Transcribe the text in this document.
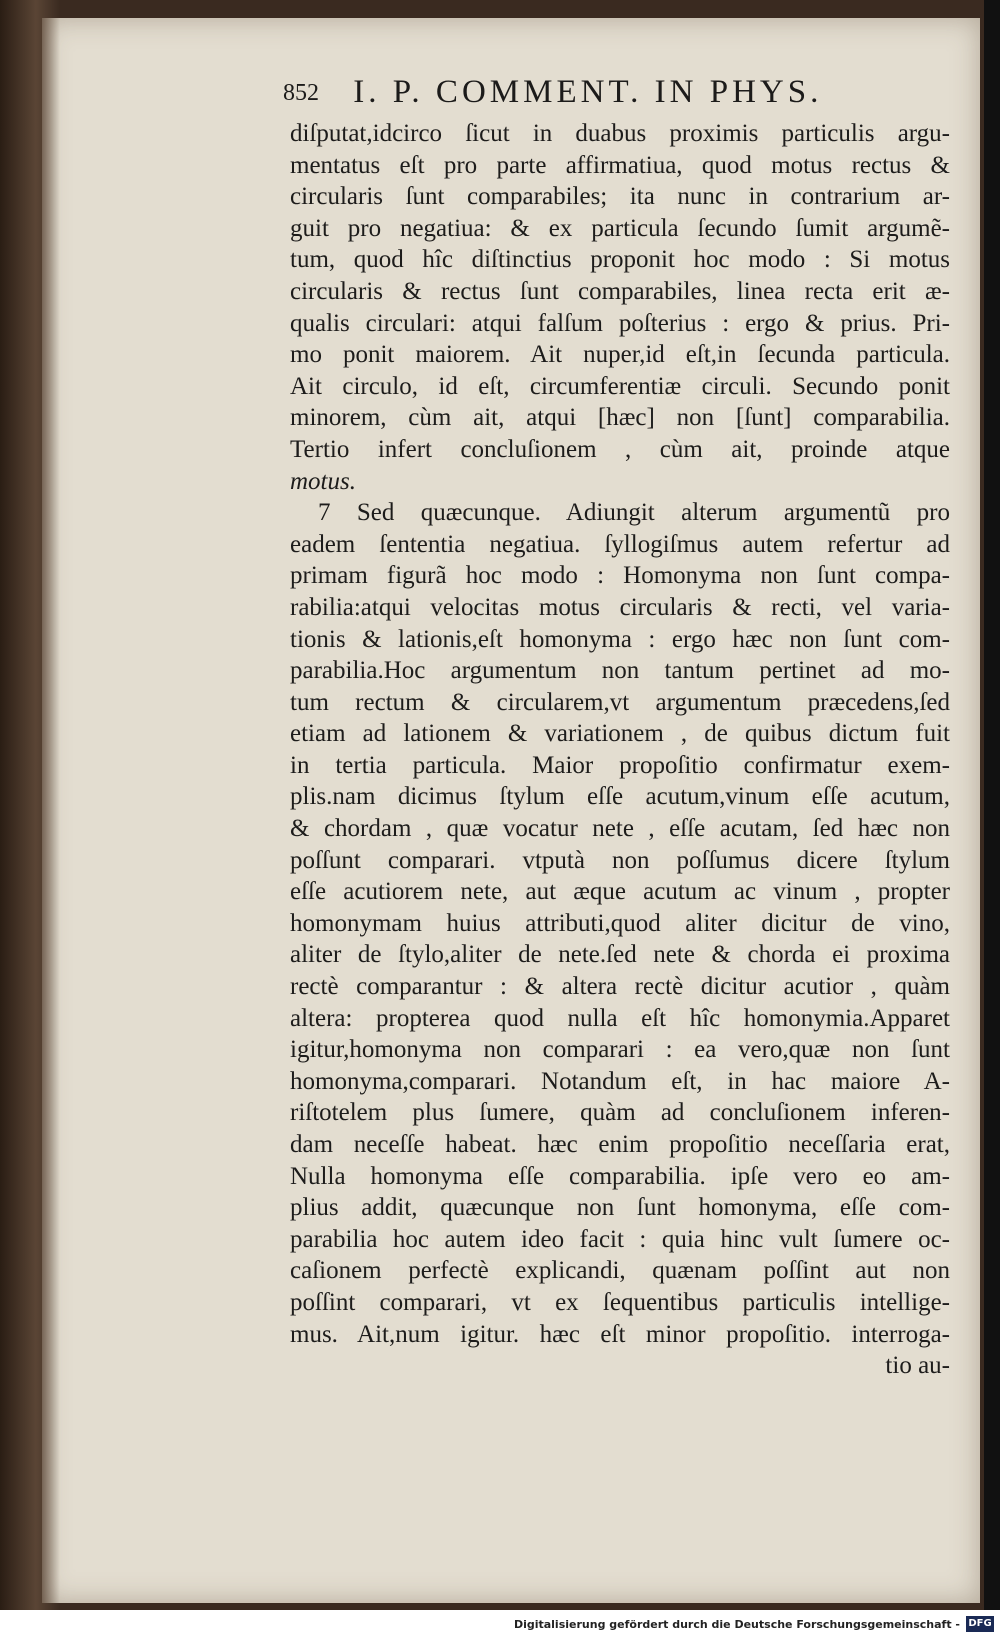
852 I. P. COMMENT. IN PHYS.
diſputat,idcirco ſicut in duabus proximis particulis argu-
mentatus eſt pro parte affirmatiua, quod motus rectus &
circularis ſunt comparabiles; ita nunc in contrarium ar-
guit pro negatiua: & ex particula ſecundo ſumit argumẽ-
tum, quod hîc diſtinctius proponit hoc modo : Si motus
circularis & rectus ſunt comparabiles, linea recta erit æ-
qualis circulari: atqui falſum poſterius : ergo & prius. Pri-
mo ponit maiorem. Ait nuper,id eſt,in ſecunda particula.
Ait circulo, id eſt, circumferentiæ circuli. Secundo ponit
minorem, cùm ait, atqui [hæc] non [ſunt] comparabilia.
Tertio infert concluſionem , cùm ait, proinde atque
motus.
7 Sed quæcunque. Adiungit alterum argumentũ pro
eadem ſententia negatiua. ſyllogiſmus autem refertur ad
primam figurã hoc modo : Homonyma non ſunt compa-
rabilia:atqui velocitas motus circularis & recti, vel varia-
tionis & lationis,eſt homonyma : ergo hæc non ſunt com-
parabilia.Hoc argumentum non tantum pertinet ad mo-
tum rectum & circularem,vt argumentum præcedens,ſed
etiam ad lationem & variationem , de quibus dictum fuit
in tertia particula. Maior propoſitio confirmatur exem-
plis.nam dicimus ſtylum eſſe acutum,vinum eſſe acutum,
& chordam , quæ vocatur nete , eſſe acutam, ſed hæc non
poſſunt comparari. vtputà non poſſumus dicere ſtylum
eſſe acutiorem nete, aut æque acutum ac vinum , propter
homonymam huius attributi,quod aliter dicitur de vino,
aliter de ſtylo,aliter de nete.ſed nete & chorda ei proxima
rectè comparantur : & altera rectè dicitur acutior , quàm
altera: propterea quod nulla eſt hîc homonymia.Apparet
igitur,homonyma non comparari : ea vero,quæ non ſunt
homonyma,comparari. Notandum eſt, in hac maiore A-
riſtotelem plus ſumere, quàm ad concluſionem inferen-
dam neceſſe habeat. hæc enim propoſitio neceſſaria erat,
Nulla homonyma eſſe comparabilia. ipſe vero eo am-
plius addit, quæcunque non ſunt homonyma, eſſe com-
parabilia hoc autem ideo facit : quia hinc vult ſumere oc-
caſionem perfectè explicandi, quænam poſſint aut non
poſſint comparari, vt ex ſequentibus particulis intellige-
mus. Ait,num igitur. hæc eſt minor propoſitio. interroga-
tio au-
Digitalisierung gefördert durch die Deutsche Forschungsgemeinschaft - DFG
